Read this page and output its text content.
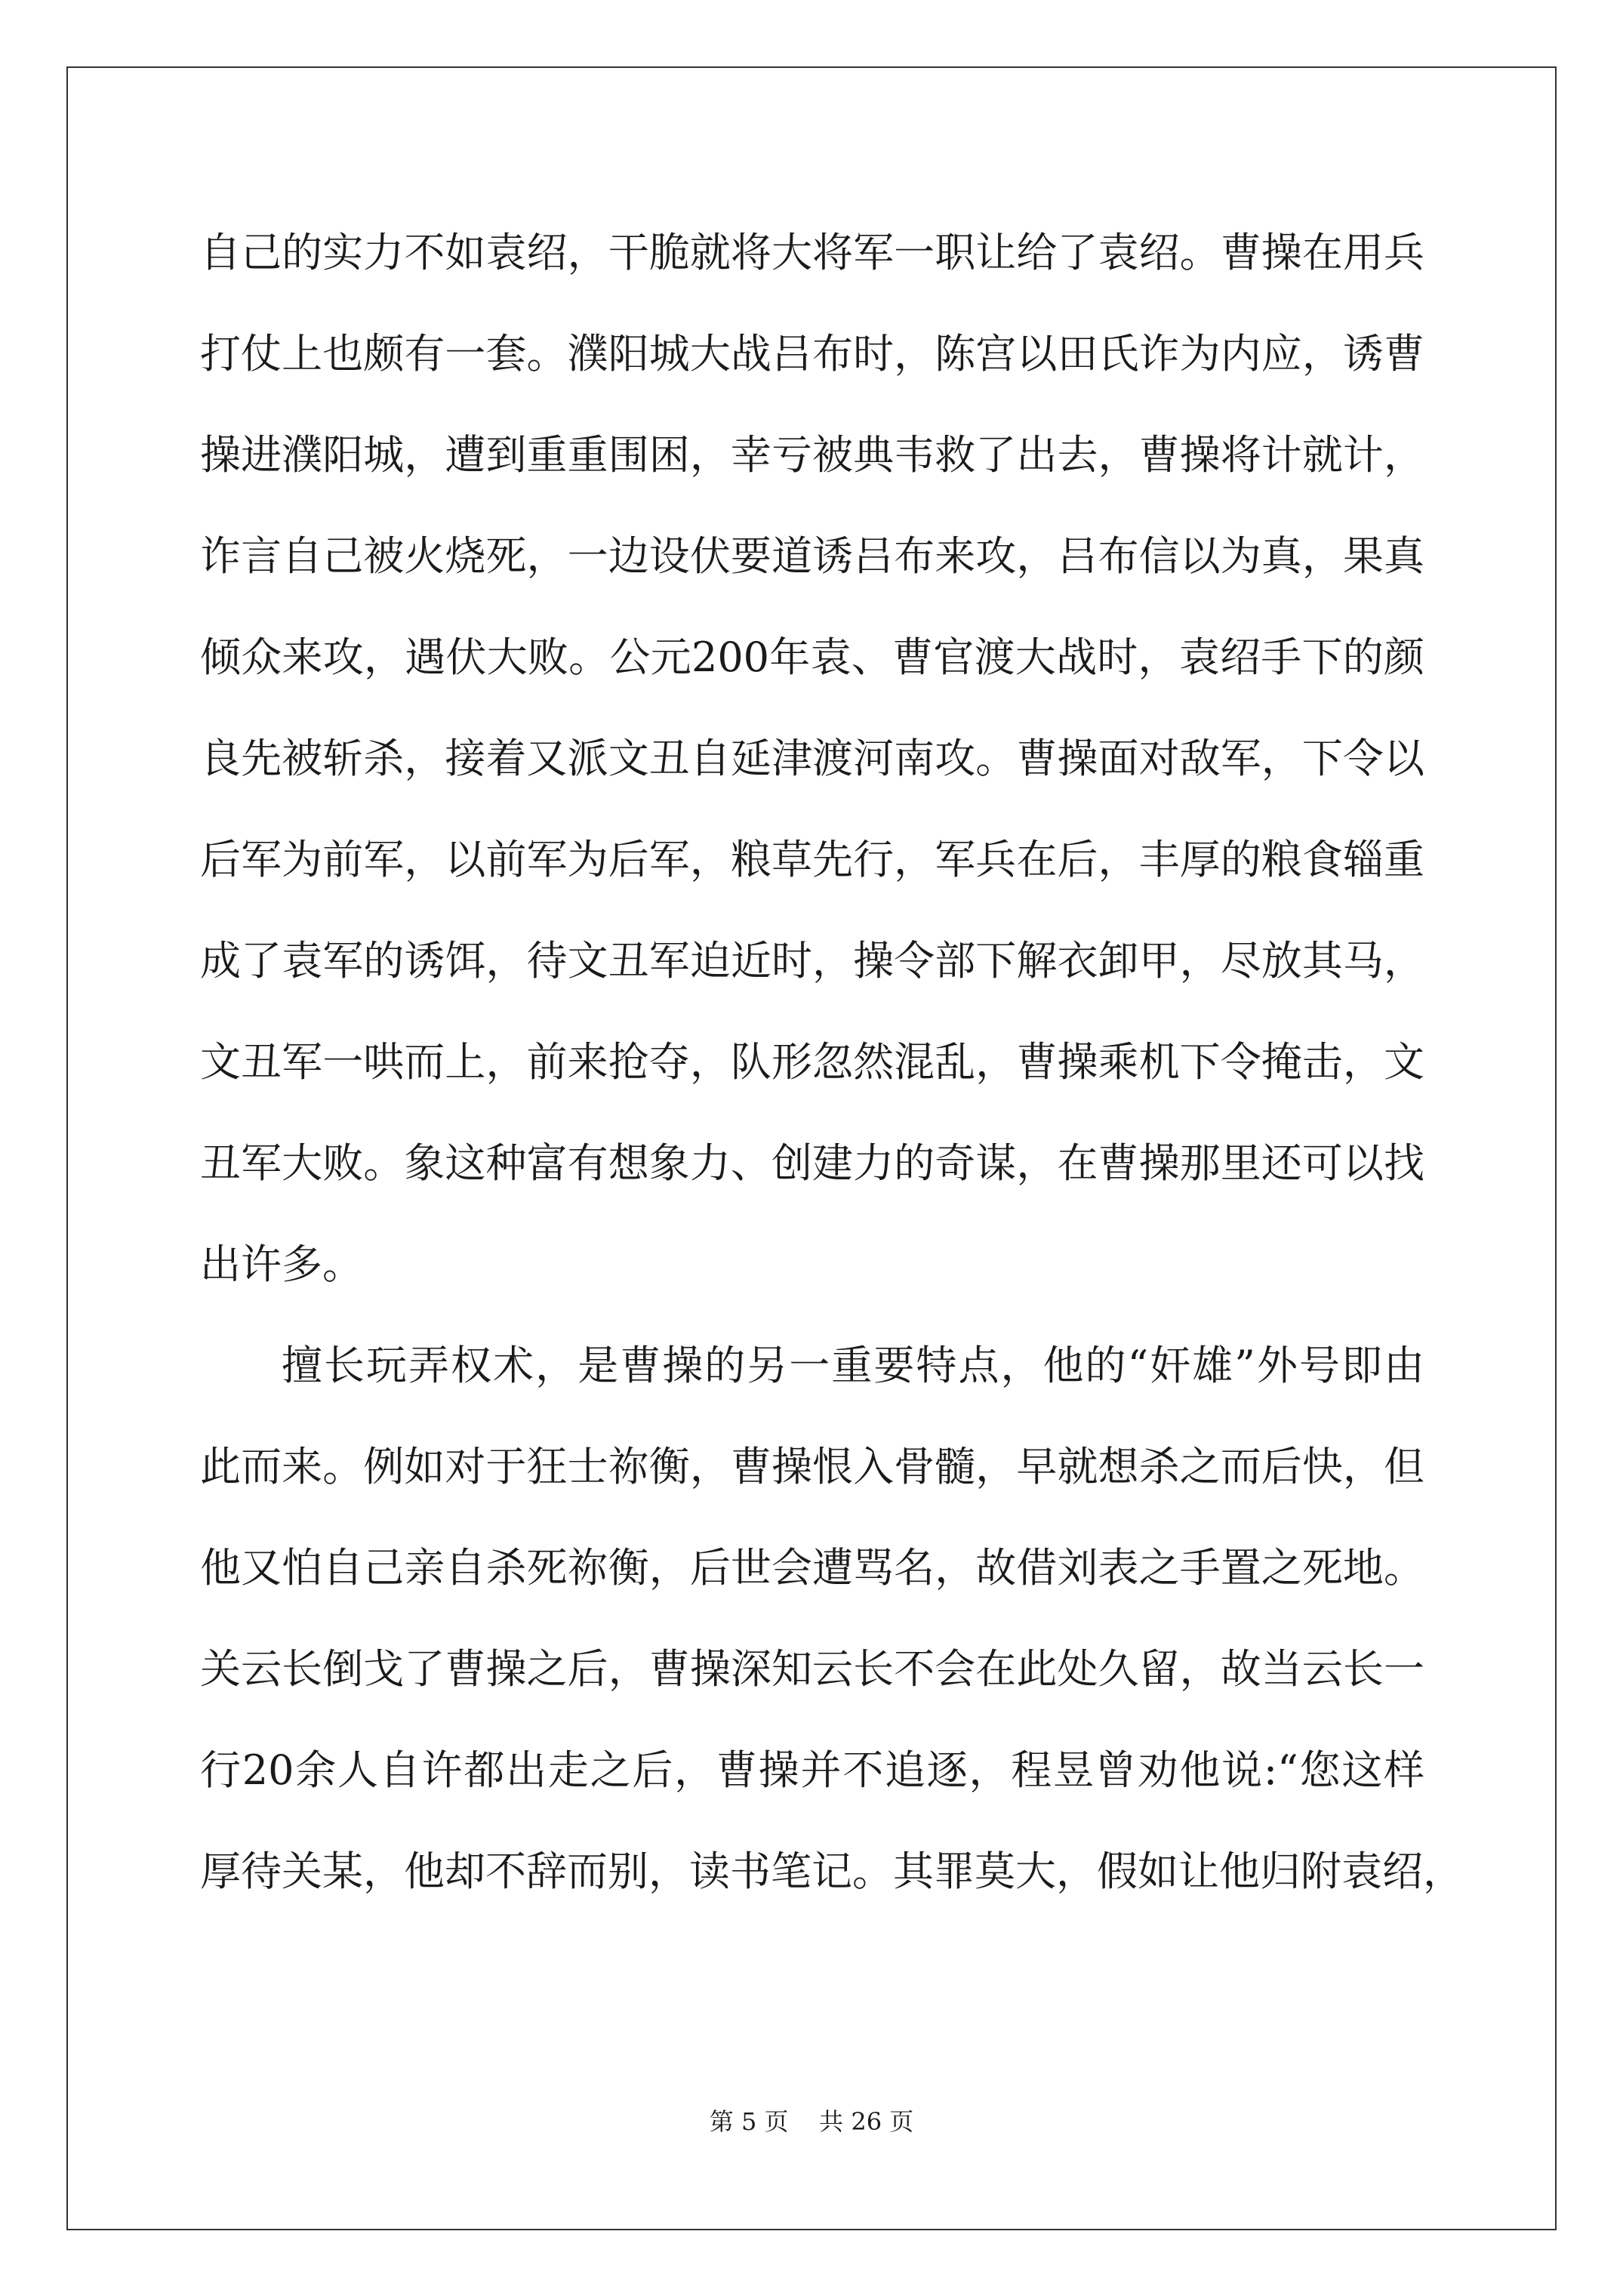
自己的实力不如袁绍，干脆就将大将军一职让给了袁绍。曹操在用兵
打仗上也颇有一套。濮阳城大战吕布时，陈宫以田氏诈为内应，诱曹
操进濮阳城，遭到重重围困，幸亏被典韦救了出去，曹操将计就计，
诈言自己被火烧死，一边设伏要道诱吕布来攻，吕布信以为真，果真
倾众来攻，遇伏大败。公元200年袁、曹官渡大战时，袁绍手下的颜
良先被斩杀，接着又派文丑自延津渡河南攻。曹操面对敌军，下令以
后军为前军，以前军为后军，粮草先行，军兵在后，丰厚的粮食辎重
成了袁军的诱饵，待文丑军迫近时，操令部下解衣卸甲，尽放其马，
文丑军一哄而上，前来抢夺，队形忽然混乱，曹操乘机下令掩击，文
丑军大败。象这种富有想象力、创建力的奇谋，在曹操那里还可以找
出许多。
擅长玩弄权术，是曹操的另一重要特点，他的“奸雄”外号即由
此而来。例如对于狂士祢衡，曹操恨入骨髓，早就想杀之而后快，但
他又怕自己亲自杀死祢衡，后世会遭骂名，故借刘表之手置之死地。
关云长倒戈了曹操之后，曹操深知云长不会在此处久留，故当云长一
行20余人自许都出走之后，曹操并不追逐，程昱曾劝他说:“您这样
厚待关某，他却不辞而别，读书笔记。其罪莫大，假如让他归附袁绍，
第 5 页    共 26 页
